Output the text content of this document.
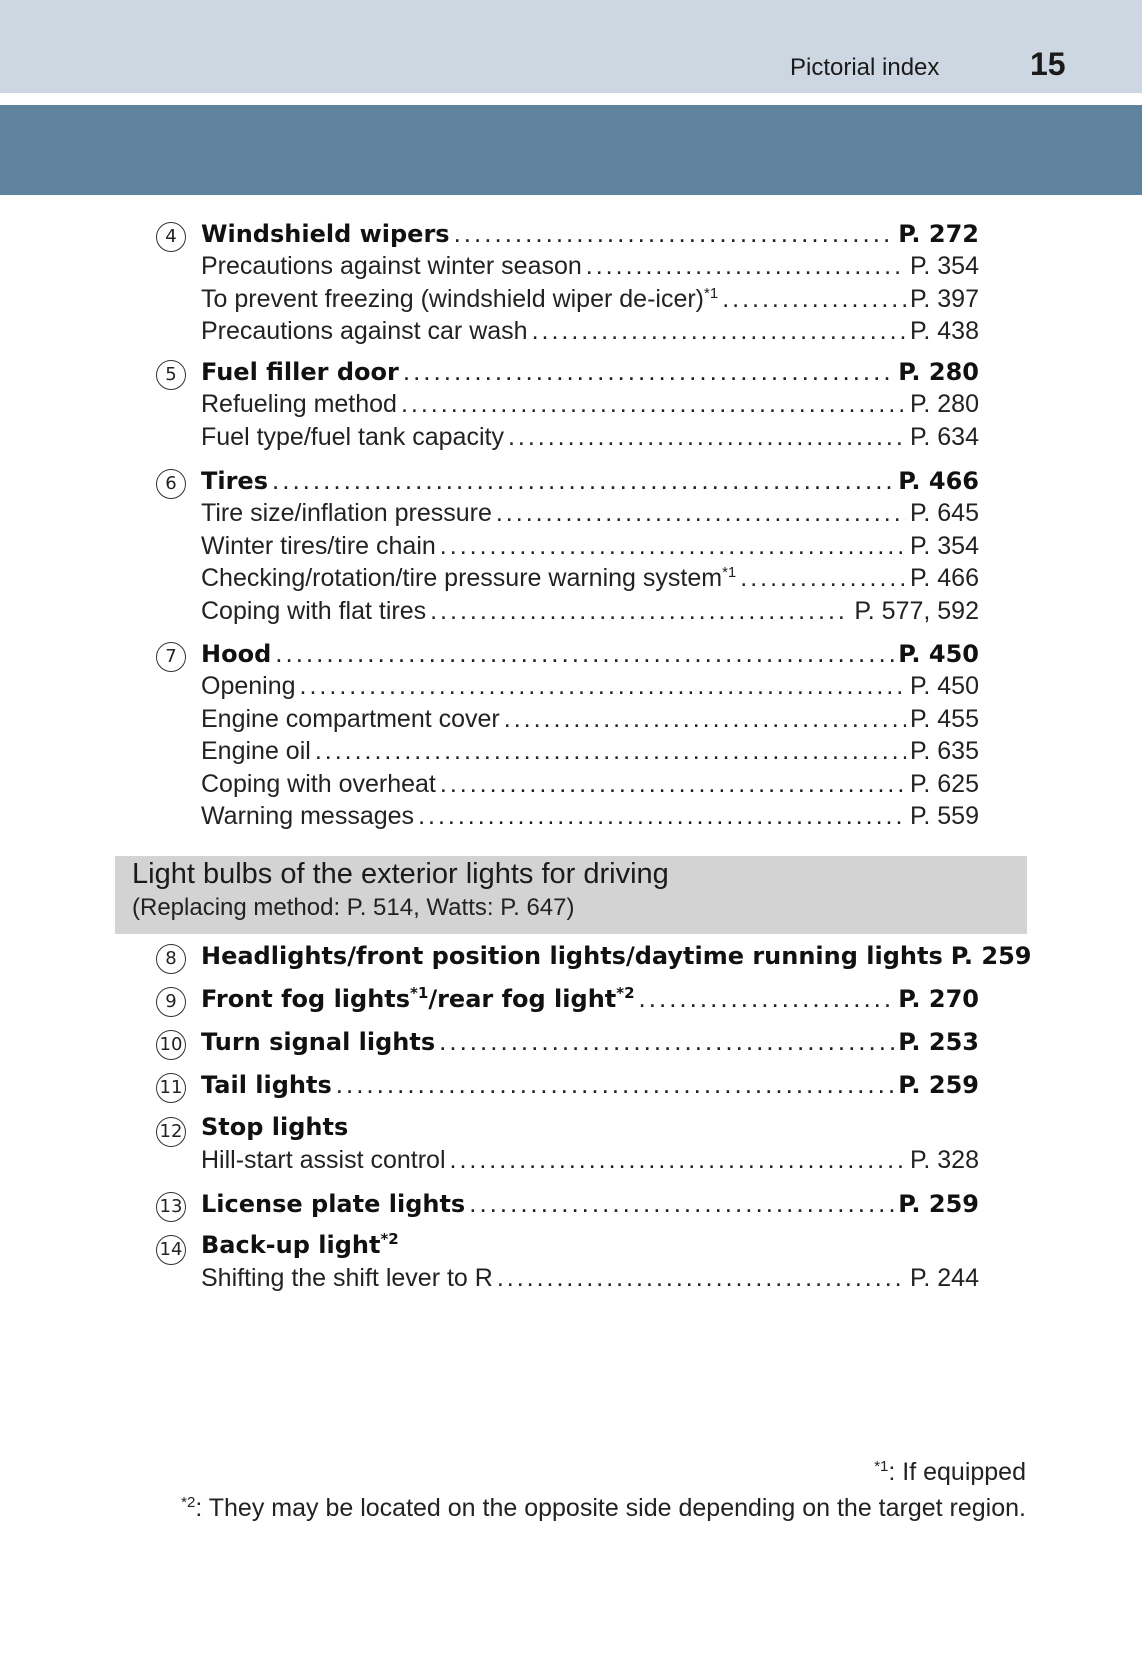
Pictorial index	15
4	Windshield wipers .....	P. 272
Precautions against winter season .....	P. 354
To prevent freezing (windshield wiper de-icer)$^{*1}$ .....	P. 397
Precautions against car wash .....	P. 438
5	Fuel filler door .....	P. 280
Refueling method .....	P. 280
Fuel type/fuel tank capacity .....	P. 634
6	Tires .....	P. 466
Tire size/inflation pressure .....	P. 645
Winter tires/tire chain .....	P. 354
Checking/rotation/tire pressure warning system$^{*1}$ .....	P. 466
Coping with flat tires .....	P. 577, 592
7	Hood .....	P. 450
Opening .....	P. 450
Engine compartment cover .....	P. 455
Engine oil .....	P. 635
Coping with overheat .....	P. 625
Warning messages .....	P. 559
Light bulbs of the exterior lights for driving
(Replacing method: P. 514, Watts: P. 647)
8	Headlights/front position lights/daytime running lights P. 259
9	Front fog lights$^{*1}$/rear fog light$^{*2}$ .....	P. 270
10 Turn signal lights .....	P. 253
11 Tail lights .....	P. 259
12 Stop lights
Hill-start assist control .....	P. 328
13 License plate lights .....	P. 259
14 Back-up light$^{*2}$
Shifting the shift lever to R .....	P. 244
$^{*1}$: If equipped
$^{*2}$: They may be located on the opposite side depending on the target region.
